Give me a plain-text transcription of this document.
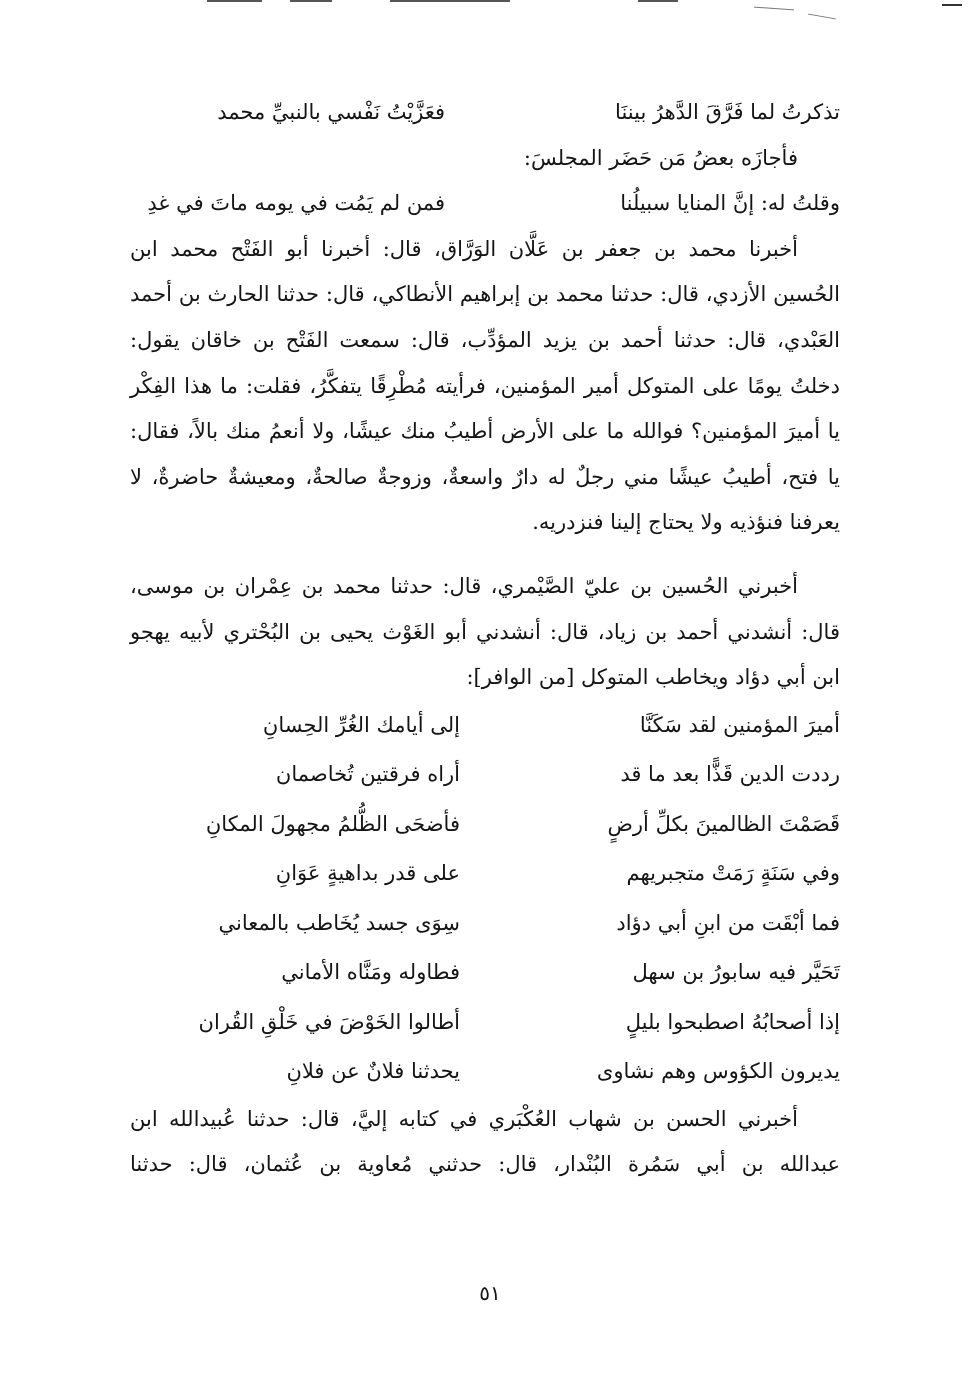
تذكرتُ لما فَرَّقَ الدَّهرُ بيننَا
فعَزَّيْتُ نَفْسي بالنبيِّ محمد
فأجازَه بعضُ مَن حَضَر المجلسَ:
وقلتُ له: إنَّ المنايا سبيلُنا
فمن لم يَمُت في يومه ماتَ في غدِ
أخبرنا محمد بن جعفر بن عَلَّان الوَرَّاق، قال: أخبرنا أبو الفَتْح محمد ابن الحُسين الأزدي، قال: حدثنا محمد بن إبراهيم الأنطاكي، قال: حدثنا الحارث بن أحمد العَبْدي، قال: حدثنا أحمد بن يزيد المؤدِّب، قال: سمعت الفَتْح بن خاقان يقول: دخلتُ يومًا على المتوكل أمير المؤمنين، فرأيته مُطْرِقًا يتفكَّرُ، فقلت: ما هذا الفِكْر يا أميرَ المؤمنين؟ فوالله ما على الأرض أطيبُ منك عيشًا، ولا أنعمُ منك بالاً، فقال: يا فتح، أطيبُ عيشًا مني رجلٌ له دارٌ واسعةٌ، وزوجةٌ صالحةٌ، ومعيشةٌ حاضرةٌ، لا يعرفنا فنؤذيه ولا يحتاج إلينا فنزدريه.
أخبرني الحُسين بن عليّ الصَّيْمري، قال: حدثنا محمد بن عِمْران بن موسى، قال: أنشدني أحمد بن زياد، قال: أنشدني أبو الغَوْث يحيى بن البُحْتري لأبيه يهجو ابن أبي دؤاد ويخاطب المتوكل [من الوافر]:
أميرَ المؤمنين لقد سَكَنَّا
إلى أيامك الغُرِّ الحِسانِ
رددت الدين قَذًّا بعد ما قد
أراه فرقتين تُخاصمان
قَصَمْتَ الظالمينَ بكلِّ أرضٍ
فأضحَى الظُّلمُ مجهولَ المكانِ
وفي سَنَةٍ رَمَتْ متجبريهم
على قدر بداهيةٍ عَوَانِ
فما أبْقَت من ابنِ أبي دؤاد
سِوَى جسد يُخَاطب بالمعاني
تَحَيَّر فيه سابورُ بن سهل
فطاوله ومَنَّاه الأماني
إذا أصحابُهُ اصطبحوا بليلٍ
أطالوا الخَوْضَ في خَلْقِ القُران
يديرون الكؤوس وهم نشاوى
يحدثنا فلانٌ عن فلانِ
أخبرني الحسن بن شهاب العُكْبَري في كتابه إليَّ، قال: حدثنا عُبيدالله ابن عبدالله بن أبي سَمُرة البُنْدار، قال: حدثني مُعاوية بن عُثمان، قال: حدثنا
٥١
